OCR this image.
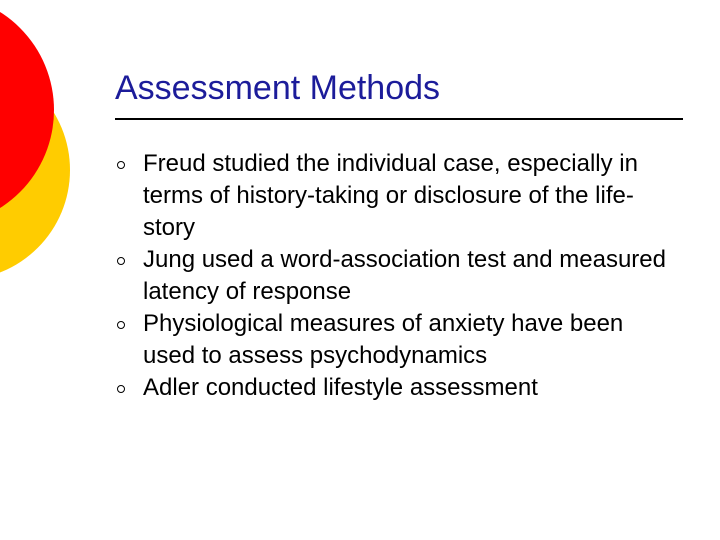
Assessment Methods
Freud studied the individual case, especially in terms of history-taking or disclosure of the life-story
Jung used a word-association test and measured latency of response
Physiological measures of anxiety have been used to assess psychodynamics
Adler conducted lifestyle assessment
